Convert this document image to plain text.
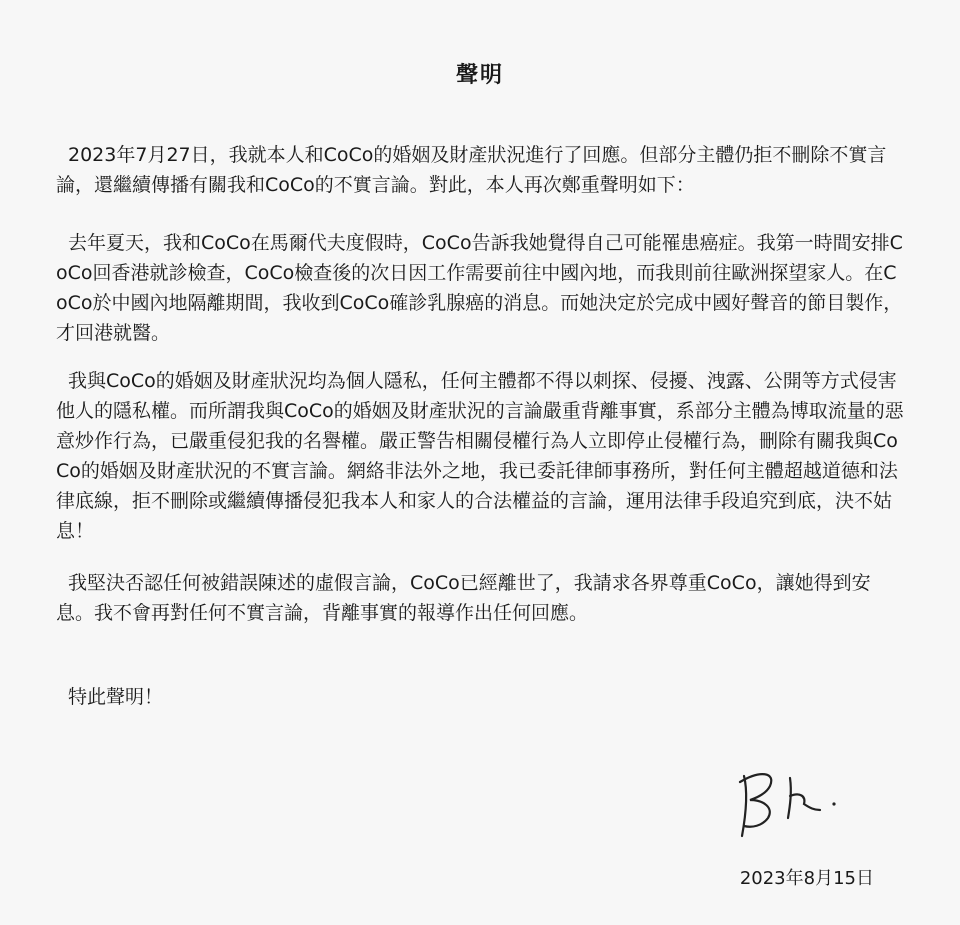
聲明

2023年7月27日，我就本人和CoCo的婚姻及財產狀況進行了回應。但部分主體仍拒不刪除不實言論，還繼續傳播有關我和CoCo的不實言論。對此，本人再次鄭重聲明如下：

去年夏天，我和CoCo在馬爾代夫度假時，CoCo告訴我她覺得自己可能罹患癌症。我第一時間安排CoCo回香港就診檢查，CoCo檢查後的次日因工作需要前往中國內地，而我則前往歐洲探望家人。在CoCo於中國內地隔離期間，我收到CoCo確診乳腺癌的消息。而她決定於完成中國好聲音的節目製作，才回港就醫。

我與CoCo的婚姻及財產狀況均為個人隱私，任何主體都不得以刺探、侵擾、洩露、公開等方式侵害他人的隱私權。而所謂我與CoCo的婚姻及財產狀況的言論嚴重背離事實，系部分主體為博取流量的惡意炒作行為，已嚴重侵犯我的名譽權。嚴正警告相關侵權行為人立即停止侵權行為，刪除有關我與CoCo的婚姻及財產狀況的不實言論。網絡非法外之地，我已委託律師事務所，對任何主體超越道德和法律底線，拒不刪除或繼續傳播侵犯我本人和家人的合法權益的言論，運用法律手段追究到底，決不姑息！

我堅決否認任何被錯誤陳述的虛假言論，CoCo已經離世了，我請求各界尊重CoCo，讓她得到安息。我不會再對任何不實言論，背離事實的報導作出任何回應。

特此聲明！

2023年8月15日
